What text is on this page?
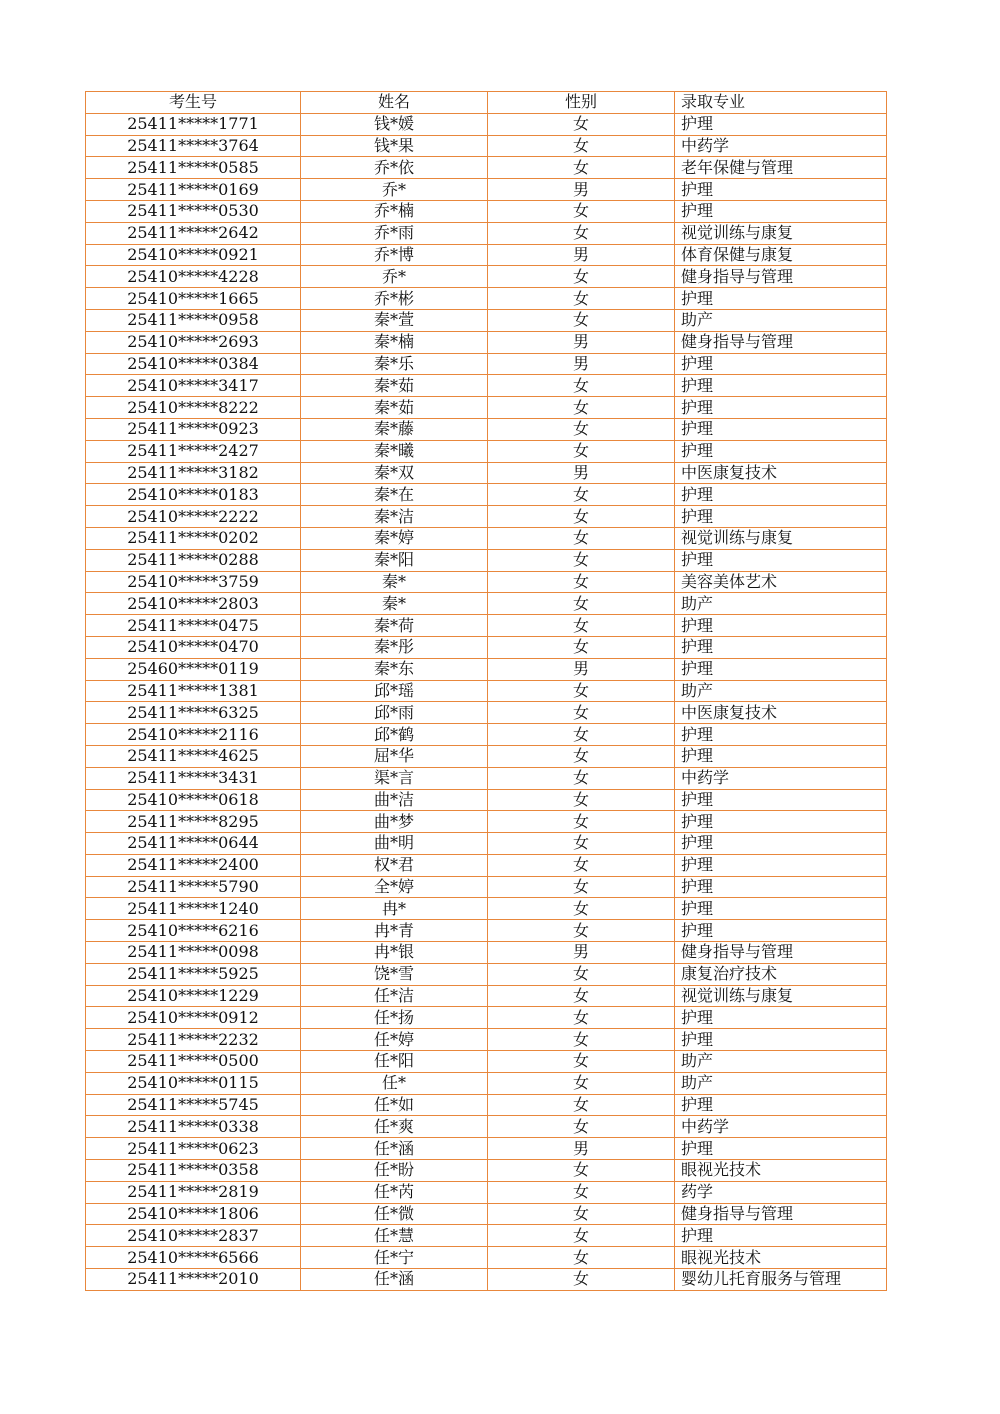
考生号	姓名	性别	录取专业
25411*****1771	钱*媛	女	护理
25411*****3764	钱*果	女	中药学
25411*****0585	乔*依	女	老年保健与管理
25411*****0169	乔*	男	护理
25411*****0530	乔*楠	女	护理
25411*****2642	乔*雨	女	视觉训练与康复
25410*****0921	乔*博	男	体育保健与康复
25410*****4228	乔*	女	健身指导与管理
25410*****1665	乔*彬	女	护理
25411*****0958	秦*萱	女	助产
25410*****2693	秦*楠	男	健身指导与管理
25410*****0384	秦*乐	男	护理
25410*****3417	秦*茹	女	护理
25410*****8222	秦*茹	女	护理
25411*****0923	秦*藤	女	护理
25411*****2427	秦*曦	女	护理
25411*****3182	秦*双	男	中医康复技术
25410*****0183	秦*在	女	护理
25410*****2222	秦*洁	女	护理
25411*****0202	秦*婷	女	视觉训练与康复
25411*****0288	秦*阳	女	护理
25410*****3759	秦*	女	美容美体艺术
25410*****2803	秦*	女	助产
25411*****0475	秦*荷	女	护理
25410*****0470	秦*彤	女	护理
25460*****0119	秦*东	男	护理
25411*****1381	邱*瑶	女	助产
25411*****6325	邱*雨	女	中医康复技术
25410*****2116	邱*鹤	女	护理
25411*****4625	屈*华	女	护理
25411*****3431	渠*言	女	中药学
25410*****0618	曲*洁	女	护理
25411*****8295	曲*梦	女	护理
25411*****0644	曲*明	女	护理
25411*****2400	权*君	女	护理
25411*****5790	全*婷	女	护理
25411*****1240	冉*	女	护理
25410*****6216	冉*青	女	护理
25411*****0098	冉*银	男	健身指导与管理
25411*****5925	饶*雪	女	康复治疗技术
25410*****1229	任*洁	女	视觉训练与康复
25410*****0912	任*扬	女	护理
25411*****2232	任*婷	女	护理
25411*****0500	任*阳	女	助产
25410*****0115	任*	女	助产
25411*****5745	任*如	女	护理
25411*****0338	任*爽	女	中药学
25411*****0623	任*涵	男	护理
25411*****0358	任*盼	女	眼视光技术
25411*****2819	任*芮	女	药学
25410*****1806	任*微	女	健身指导与管理
25410*****2837	任*慧	女	护理
25410*****6566	任*宁	女	眼视光技术
25411*****2010	任*涵	女	婴幼儿托育服务与管理
